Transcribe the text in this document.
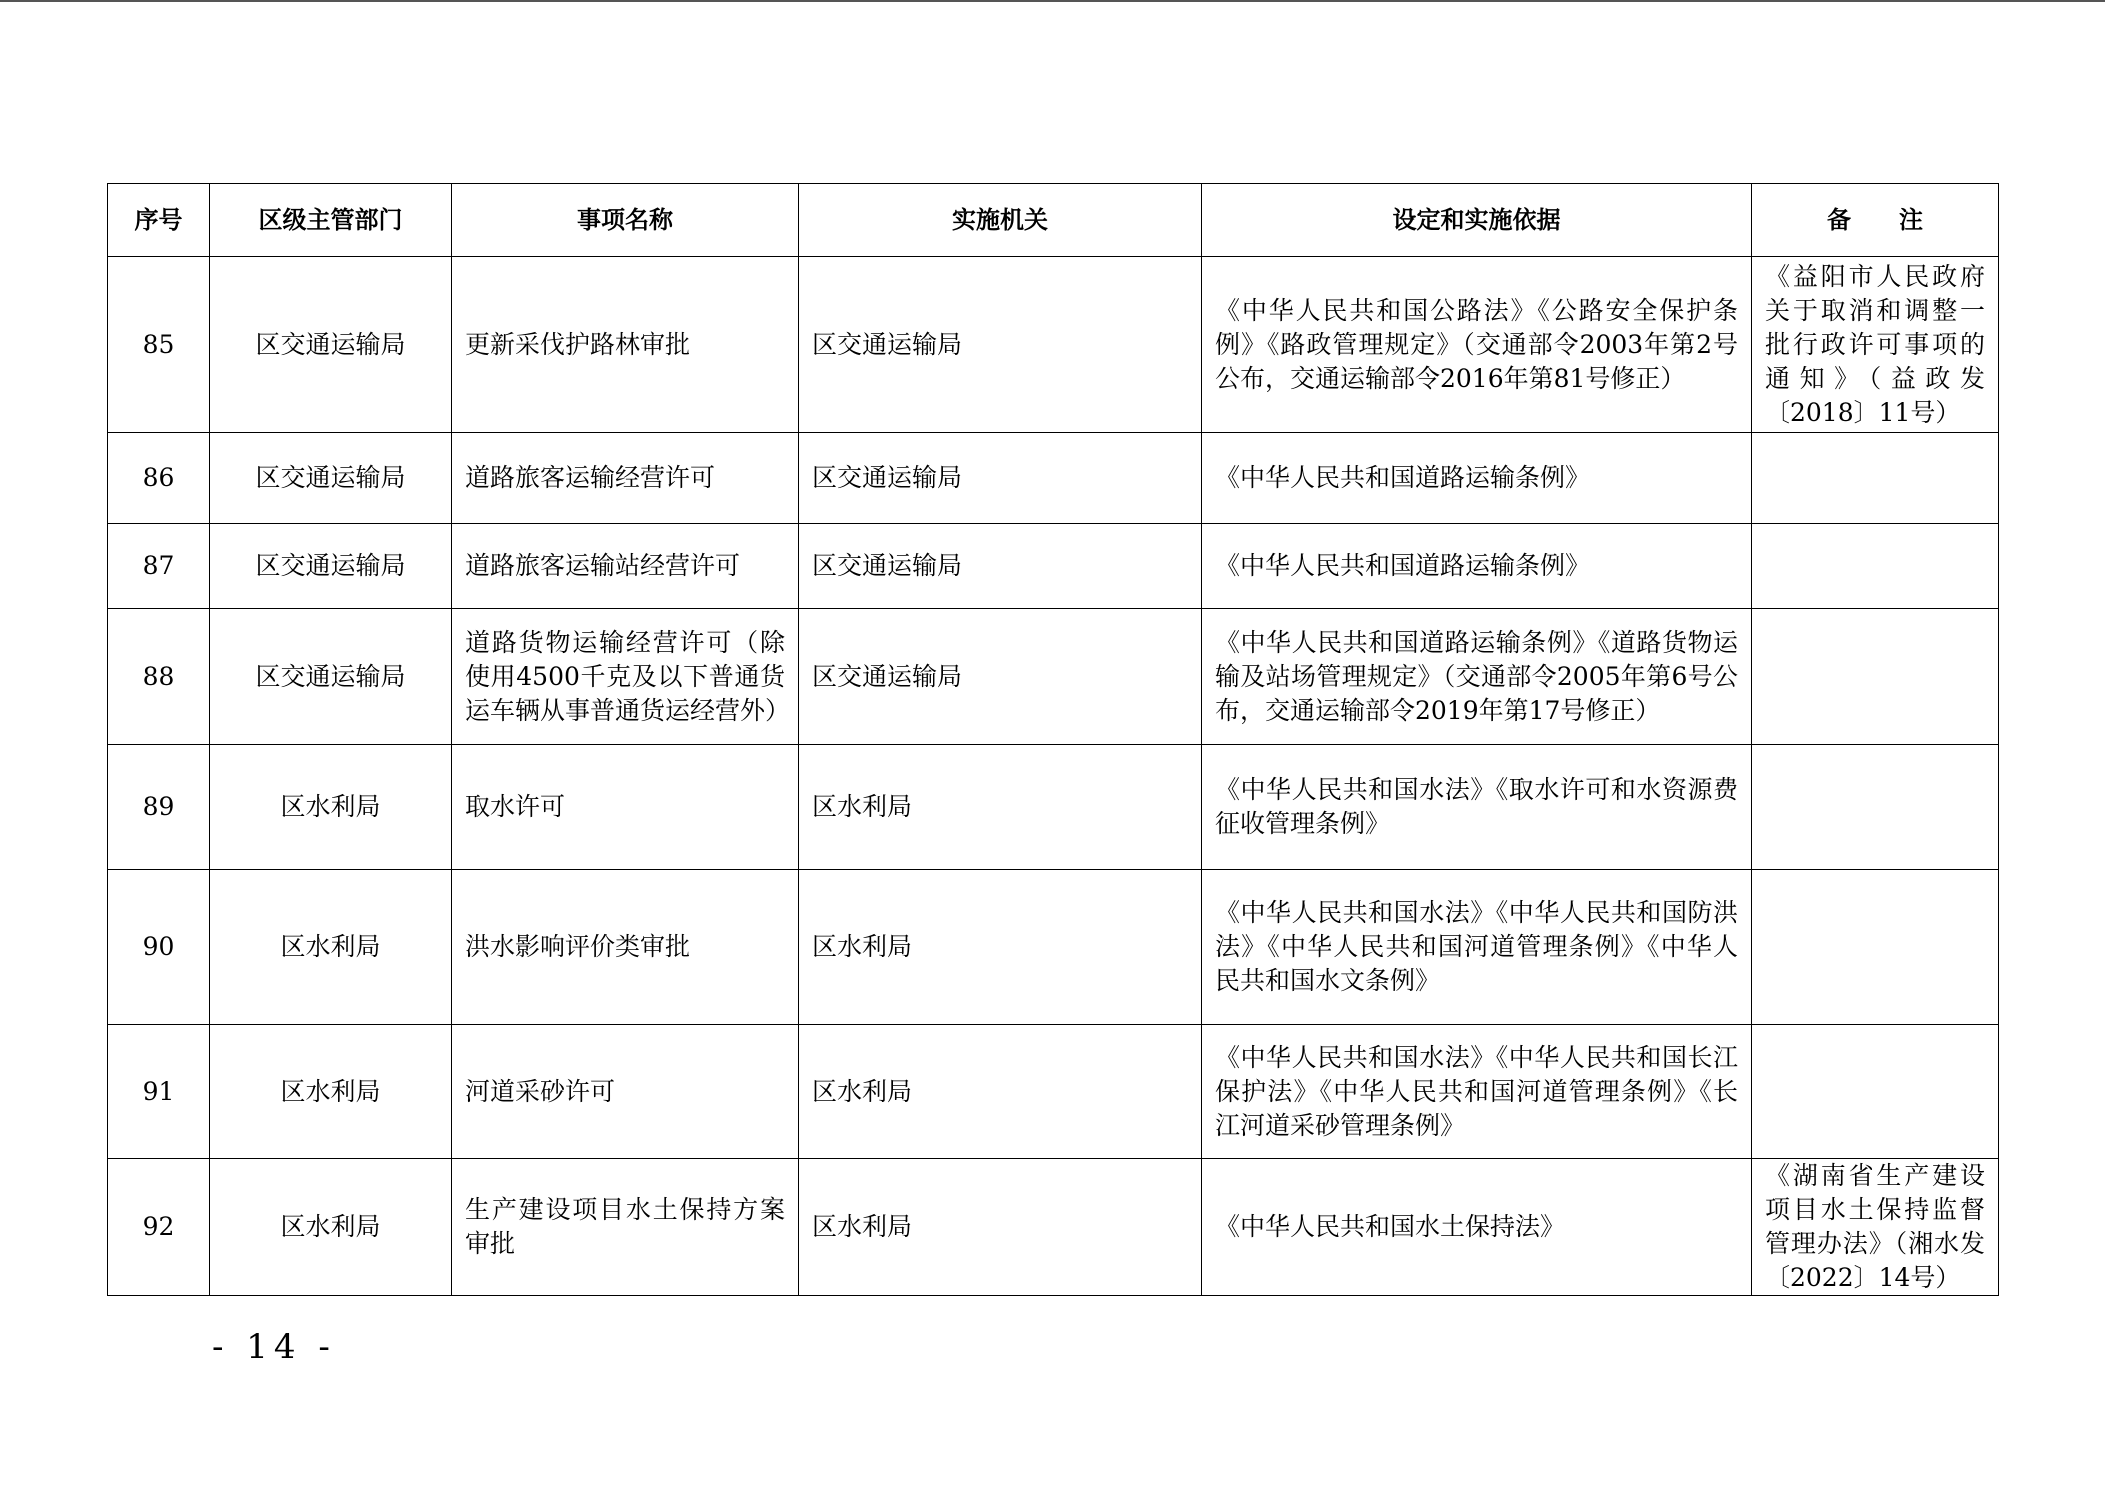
序号	区级主管部门	事项名称	实施机关	设定和实施依据	备　　注
85	区交通运输局	更新采伐护路林审批	区交通运输局	《中华人民共和国公路法》《公路安全保护条例》《路政管理规定》（交通部令2003年第2号公布，交通运输部令2016年第81号修正）	《益阳市人民政府关于取消和调整一批行政许可事项的通知》（益政发〔2018〕11号）
86	区交通运输局	道路旅客运输经营许可	区交通运输局	《中华人民共和国道路运输条例》	
87	区交通运输局	道路旅客运输站经营许可	区交通运输局	《中华人民共和国道路运输条例》	
88	区交通运输局	道路货物运输经营许可（除使用4500千克及以下普通货运车辆从事普通货运经营外）	区交通运输局	《中华人民共和国道路运输条例》《道路货物运输及站场管理规定》（交通部令2005年第6号公布，交通运输部令2019年第17号修正）	
89	区水利局	取水许可	区水利局	《中华人民共和国水法》《取水许可和水资源费征收管理条例》	
90	区水利局	洪水影响评价类审批	区水利局	《中华人民共和国水法》《中华人民共和国防洪法》《中华人民共和国河道管理条例》《中华人民共和国水文条例》	
91	区水利局	河道采砂许可	区水利局	《中华人民共和国水法》《中华人民共和国长江保护法》《中华人民共和国河道管理条例》《长江河道采砂管理条例》	
92	区水利局	生产建设项目水土保持方案审批	区水利局	《中华人民共和国水土保持法》	《湖南省生产建设项目水土保持监督管理办法》（湘水发〔2022〕14号）
- 14 -
